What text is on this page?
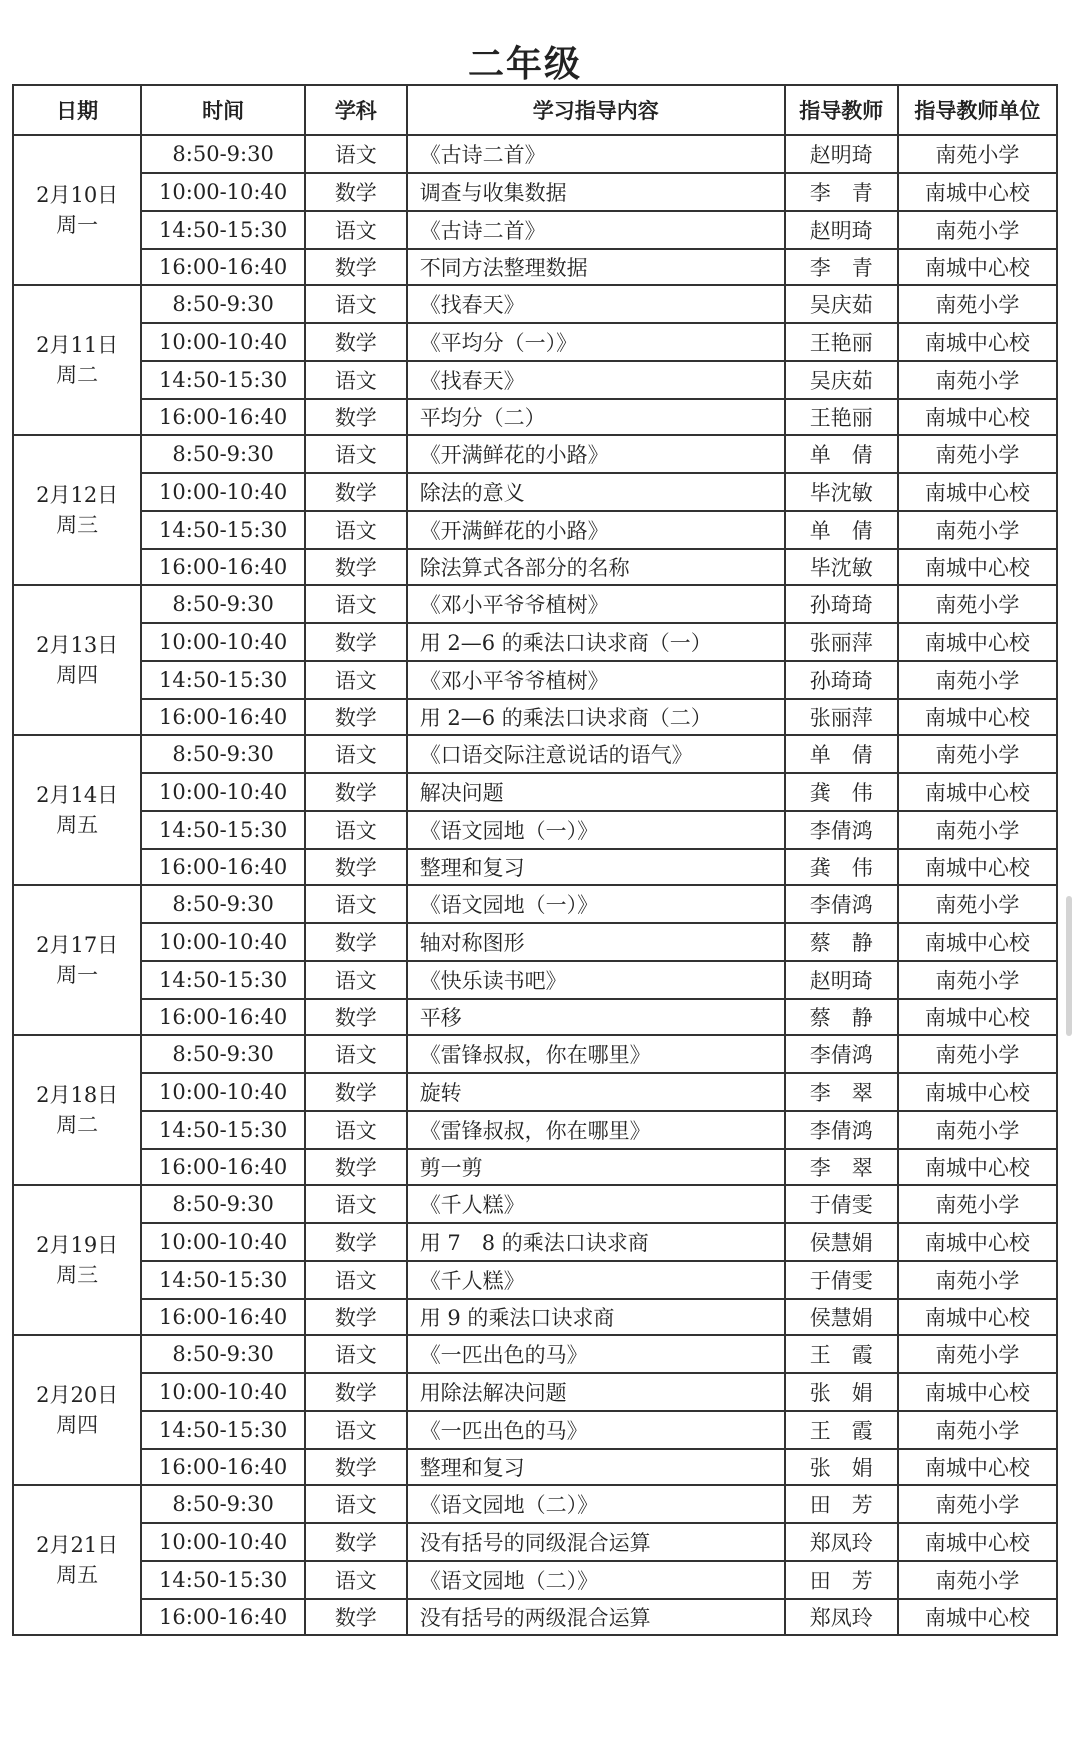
二年级
日期	时间	学科	学习指导内容	指导教师	指导教师单位

2月10日
周一	8:50-9:30	语文	《古诗二首》	赵明琦	南苑小学
	10:00-10:40	数学	调查与收集数据	李　青	南城中心校
	14:50-15:30	语文	《古诗二首》	赵明琦	南苑小学
	16:00-16:40	数学	不同方法整理数据	李　青	南城中心校

2月11日
周二	8:50-9:30	语文	《找春天》	吴庆茹	南苑小学
	10:00-10:40	数学	《平均分（一）》	王艳丽	南城中心校
	14:50-15:30	语文	《找春天》	吴庆茹	南苑小学
	16:00-16:40	数学	平均分（二）	王艳丽	南城中心校

2月12日
周三	8:50-9:30	语文	《开满鲜花的小路》	单　倩	南苑小学
	10:00-10:40	数学	除法的意义	毕沈敏	南城中心校
	14:50-15:30	语文	《开满鲜花的小路》	单　倩	南苑小学
	16:00-16:40	数学	除法算式各部分的名称	毕沈敏	南城中心校

2月13日
周四	8:50-9:30	语文	《邓小平爷爷植树》	孙琦琦	南苑小学
	10:00-10:40	数学	用 2—6 的乘法口诀求商（一）	张丽萍	南城中心校
	14:50-15:30	语文	《邓小平爷爷植树》	孙琦琦	南苑小学
	16:00-16:40	数学	用 2—6 的乘法口诀求商（二）	张丽萍	南城中心校

2月14日
周五	8:50-9:30	语文	《口语交际注意说话的语气》	单　倩	南苑小学
	10:00-10:40	数学	解决问题	龚　伟	南城中心校
	14:50-15:30	语文	《语文园地（一）》	李倩鸿	南苑小学
	16:00-16:40	数学	整理和复习	龚　伟	南城中心校

2月17日
周一	8:50-9:30	语文	《语文园地（一）》	李倩鸿	南苑小学
	10:00-10:40	数学	轴对称图形	蔡　静	南城中心校
	14:50-15:30	语文	《快乐读书吧》	赵明琦	南苑小学
	16:00-16:40	数学	平移	蔡　静	南城中心校

2月18日
周二	8:50-9:30	语文	《雷锋叔叔，你在哪里》	李倩鸿	南苑小学
	10:00-10:40	数学	旋转	李　翠	南城中心校
	14:50-15:30	语文	《雷锋叔叔，你在哪里》	李倩鸿	南苑小学
	16:00-16:40	数学	剪一剪	李　翠	南城中心校

2月19日
周三	8:50-9:30	语文	《千人糕》	于倩雯	南苑小学
	10:00-10:40	数学	用 7　8 的乘法口诀求商	侯慧娟	南城中心校
	14:50-15:30	语文	《千人糕》	于倩雯	南苑小学
	16:00-16:40	数学	用 9 的乘法口诀求商	侯慧娟	南城中心校

2月20日
周四	8:50-9:30	语文	《一匹出色的马》	王　霞	南苑小学
	10:00-10:40	数学	用除法解决问题	张　娟	南城中心校
	14:50-15:30	语文	《一匹出色的马》	王　霞	南苑小学
	16:00-16:40	数学	整理和复习	张　娟	南城中心校

2月21日
周五	8:50-9:30	语文	《语文园地（二）》	田　芳	南苑小学
	10:00-10:40	数学	没有括号的同级混合运算	郑凤玲	南城中心校
	14:50-15:30	语文	《语文园地（二）》	田　芳	南苑小学
	16:00-16:40	数学	没有括号的两级混合运算	郑凤玲	南城中心校
